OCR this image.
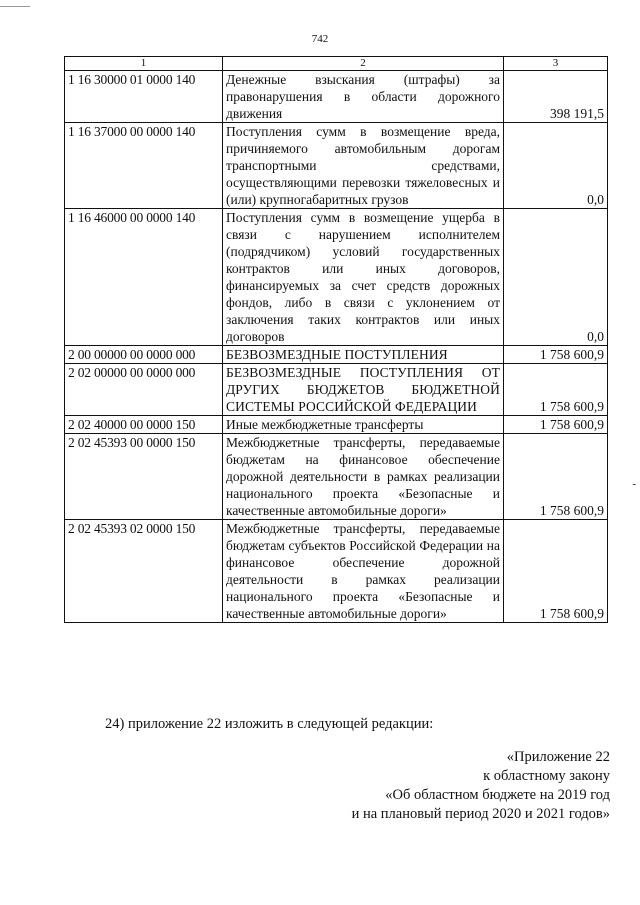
742
-
1	2	3
1 16 30000 01 0000 140	Денежные взыскания (штрафы) за правонарушения в области дорожного движения	398 191,5
1 16 37000 00 0000 140	Поступления сумм в возмещение вреда, причиняемого автомобильным дорогам транспортными средствами, осуществляющими перевозки тяжеловесных и (или) крупногабаритных грузов	0,0
1 16 46000 00 0000 140	Поступления сумм в возмещение ущерба в связи с нарушением исполнителем (подрядчиком) условий государственных контрактов или иных договоров, финансируемых за счет средств дорожных фондов, либо в связи с уклонением от заключения таких контрактов или иных договоров	0,0
2 00 00000 00 0000 000	БЕЗВОЗМЕЗДНЫЕ ПОСТУПЛЕНИЯ	1 758 600,9
2 02 00000 00 0000 000	БЕЗВОЗМЕЗДНЫЕ ПОСТУПЛЕНИЯ ОТ ДРУГИХ БЮДЖЕТОВ БЮДЖЕТНОЙ СИСТЕМЫ РОССИЙСКОЙ ФЕДЕРАЦИИ	1 758 600,9
2 02 40000 00 0000 150	Иные межбюджетные трансферты	1 758 600,9
2 02 45393 00 0000 150	Межбюджетные трансферты, передаваемые бюджетам на финансовое обеспечение дорожной деятельности в рамках реализации национального проекта «Безопасные и качественные автомобильные дороги»	1 758 600,9
2 02 45393 02 0000 150	Межбюджетные трансферты, передаваемые бюджетам субъектов Российской Федерации на финансовое обеспечение дорожной деятельности в рамках реализации национального проекта «Безопасные и качественные автомобильные дороги»	1 758 600,9
24) приложение 22 изложить в следующей редакции:
«Приложение 22
к областному закону
«Об областном бюджете на 2019 год
и на плановый период 2020 и 2021 годов»
